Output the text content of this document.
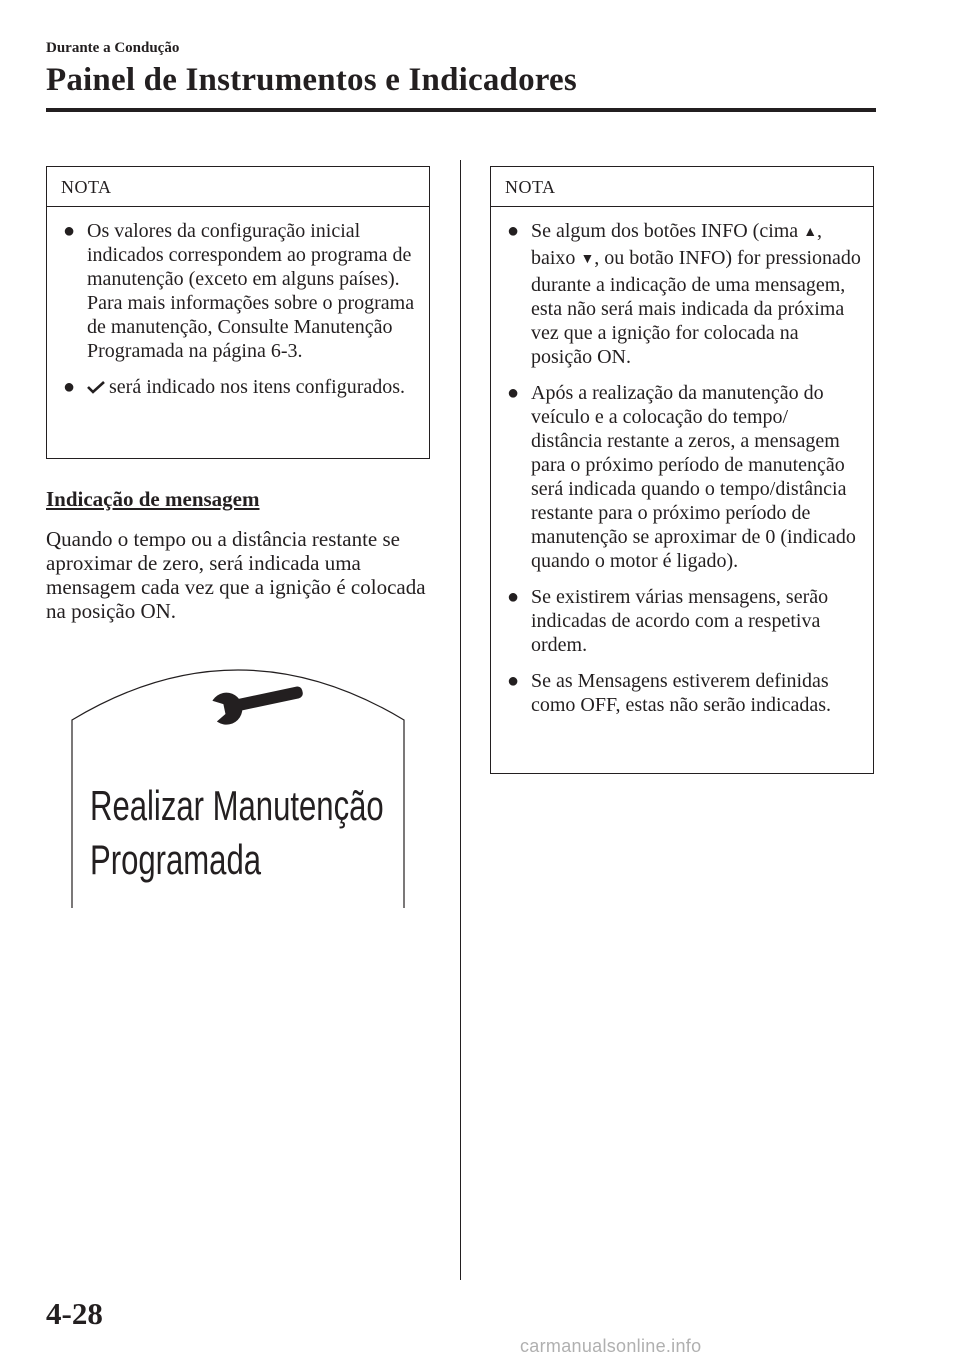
Durante a Condução
Painel de Instrumentos e Indicadores
NOTA
● Os valores da configuração inicial indicados correspondem ao programa de manutenção (exceto em alguns países). Para mais informações sobre o programa de manutenção, Consulte Manutenção Programada na página 6-3.
● será indicado nos itens configurados.
Indicação de mensagem
Quando o tempo ou a distância restante se aproximar de zero, será indicada uma mensagem cada vez que a ignição é colocada na posição ON.
Realizar Manutenção
Programada
NOTA
● Se algum dos botões INFO (cima ▲, baixo ▼, ou botão INFO) for pressionado durante a indicação de uma mensagem, esta não será mais indicada da próxima vez que a ignição for colocada na posição ON.
● Após a realização da manutenção do veículo e a colocação do tempo/ distância restante a zeros, a mensagem para o próximo período de manutenção será indicada quando o tempo/distância restante para o próximo período de manutenção se aproximar de 0 (indicado quando o motor é ligado).
● Se existirem várias mensagens, serão indicadas de acordo com a respetiva ordem.
● Se as Mensagens estiverem definidas como OFF, estas não serão indicadas.
4-28
carmanualsonline.info
